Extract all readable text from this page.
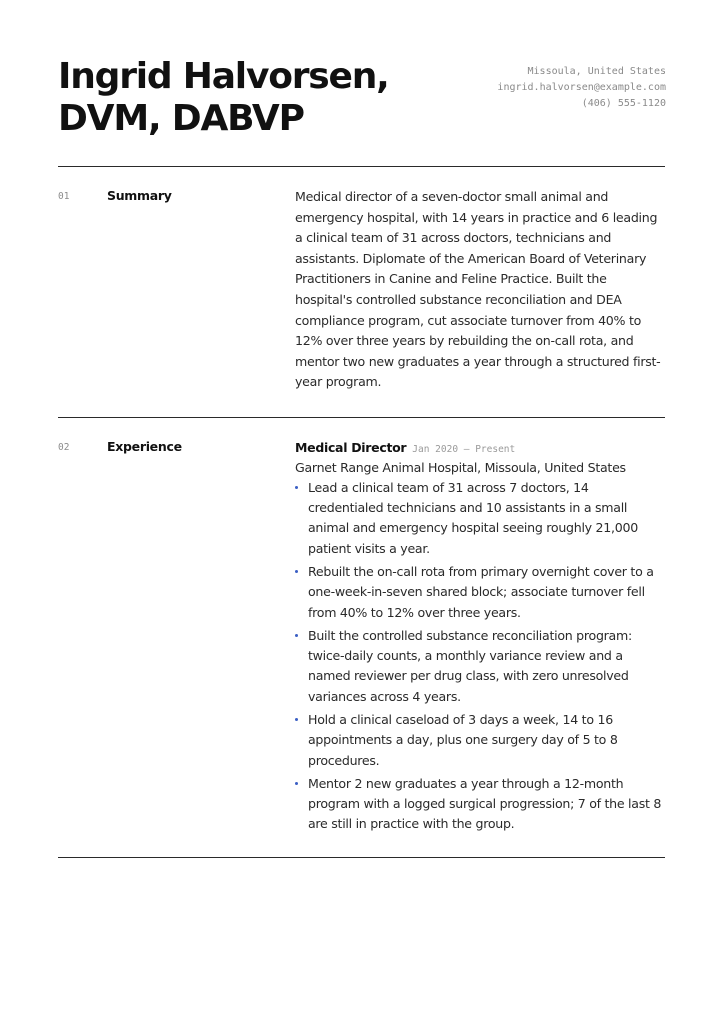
Ingrid Halvorsen,
DVM, DABVP
Missoula, United States
ingrid.halvorsen@example.com
(406) 555-1120
01	Summary	Medical director of a seven-doctor small animal and emergency hospital, with 14 years in practice and 6 leading a clinical team of 31 across doctors, technicians and assistants. Diplomate of the American Board of Veterinary Practitioners in Canine and Feline Practice. Built the hospital's controlled substance reconciliation and DEA compliance program, cut associate turnover from 40% to 12% over three years by rebuilding the on-call rota, and mentor two new graduates a year through a structured first-year program.
02	Experience	Medical Director Jan 2020 — Present
Garnet Range Animal Hospital, Missoula, United States
Lead a clinical team of 31 across 7 doctors, 14 credentialed technicians and 10 assistants in a small animal and emergency hospital seeing roughly 21,000 patient visits a year.
Rebuilt the on-call rota from primary overnight cover to a one-week-in-seven shared block; associate turnover fell from 40% to 12% over three years.
Built the controlled substance reconciliation program: twice-daily counts, a monthly variance review and a named reviewer per drug class, with zero unresolved variances across 4 years.
Hold a clinical caseload of 3 days a week, 14 to 16 appointments a day, plus one surgery day of 5 to 8 procedures.
Mentor 2 new graduates a year through a 12-month program with a logged surgical progression; 7 of the last 8 are still in practice with the group.
